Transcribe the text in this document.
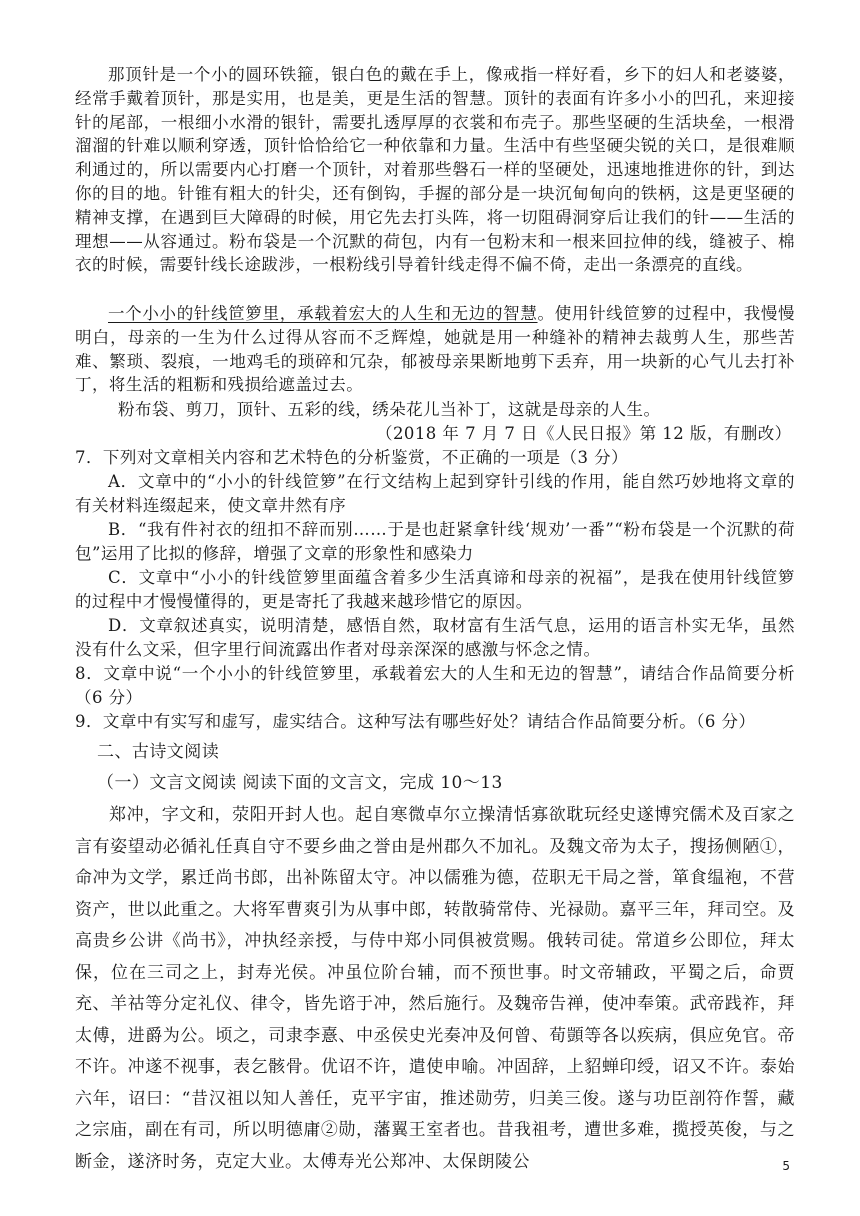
那顶针是一个小的圆环铁箍，银白色的戴在手上，像戒指一样好看，乡下的妇人和老婆婆，经常手戴着顶针，那是实用，也是美，更是生活的智慧。顶针的表面有许多小小的凹孔，来迎接针的尾部，一根细小水滑的银针，需要扎透厚厚的衣裳和布壳子。那些坚硬的生活块垒，一根滑溜溜的针难以顺利穿透，顶针恰恰给它一种依靠和力量。生活中有些坚硬尖锐的关口，是很难顺利通过的，所以需要内心打磨一个顶针，对着那些磐石一样的坚硬处，迅速地推进你的针，到达你的目的地。针锥有粗大的针尖，还有倒钩，手握的部分是一块沉甸甸向的铁柄，这是更坚硬的精神支撑，在遇到巨大障碍的时候，用它先去打头阵，将一切阻碍洞穿后让我们的针——生活的理想——从容通过。粉布袋是一个沉默的荷包，内有一包粉末和一根来回拉伸的线，缝被子、棉衣的时候，需要针线长途跋涉，一根粉线引导着针线走得不偏不倚，走出一条漂亮的直线。
一个小小的针线笸箩里，承载着宏大的人生和无边的智慧。使用针线笸箩的过程中，我慢慢明白，母亲的一生为什么过得从容而不乏辉煌，她就是用一种缝补的精神去裁剪人生，那些苦难、繁琐、裂痕，一地鸡毛的琐碎和冗杂，郁被母亲果断地剪下丢弃，用一块新的心气儿去打补丁，将生活的粗粝和残损给遮盖过去。
粉布袋、剪刀，顶针、五彩的线，绣朵花儿当补丁，这就是母亲的人生。
（2018 年 7 月 7 日《人民日报》第 12 版，有删改）
7．下列对文章相关内容和艺术特色的分析鉴赏，不正确的一项是（3 分）
A．文章中的“小小的针线笸箩”在行文结构上起到穿针引线的作用，能自然巧妙地将文章的有关材料连缀起来，使文章井然有序
B．“我有件衬衣的纽扣不辞而别……于是也赶紧拿针线‘规劝’一番”“粉布袋是一个沉默的荷包”运用了比拟的修辞，增强了文章的形象性和感染力
C．文章中“小小的针线笸箩里面蕴含着多少生活真谛和母亲的祝福”，是我在使用针线笸箩的过程中才慢慢懂得的，更是寄托了我越来越珍惜它的原因。
D．文章叙述真实，说明清楚，感悟自然，取材富有生活气息，运用的语言朴实无华，虽然没有什么文采，但字里行间流露出作者对母亲深深的感激与怀念之情。
8．文章中说“一个小小的针线笸箩里，承载着宏大的人生和无边的智慧”，请结合作品简要分析（6 分）
9．文章中有实写和虚写，虚实结合。这种写法有哪些好处？请结合作品简要分析。（6 分）
二、古诗文阅读
（一）文言文阅读 阅读下面的文言文，完成 10～13
郑冲，字文和，荥阳开封人也。起自寒微卓尔立操清恬寡欲耽玩经史遂博究儒术及百家之言有姿望动必循礼任真自守不要乡曲之誉由是州郡久不加礼。及魏文帝为太子，搜扬侧陋①，命冲为文学，累迁尚书郎，出补陈留太守。冲以儒雅为德，莅职无干局之誉，箪食缊袍，不营资产，世以此重之。大将军曹爽引为从事中郎，转散骑常侍、光禄勋。嘉平三年，拜司空。及高贵乡公讲《尚书》，冲执经亲授，与侍中郑小同俱被赏赐。俄转司徒。常道乡公即位，拜太保，位在三司之上，封寿光侯。冲虽位阶台辅，而不预世事。时文帝辅政，平蜀之后，命贾充、羊祜等分定礼仪、律令，皆先谘于冲，然后施行。及魏帝告禅，使冲奉策。武帝践祚，拜太傅，进爵为公。顷之，司隶李憙、中丞侯史光奏冲及何曾、荀顗等各以疾病，俱应免官。帝不许。冲遂不视事，表乞骸骨。优诏不许，遣使申喻。冲固辞，上貂蝉印绶，诏又不许。泰始六年，诏曰：“昔汉祖以知人善任，克平宇宙，推述勋劳，归美三俊。遂与功臣剖符作誓，藏之宗庙，副在有司，所以明德庸②勋，藩翼王室者也。昔我祖考，遭世多难，揽授英俊，与之断金，遂济时务，克定大业。太傅寿光公郑冲、太保朗陵公	5
